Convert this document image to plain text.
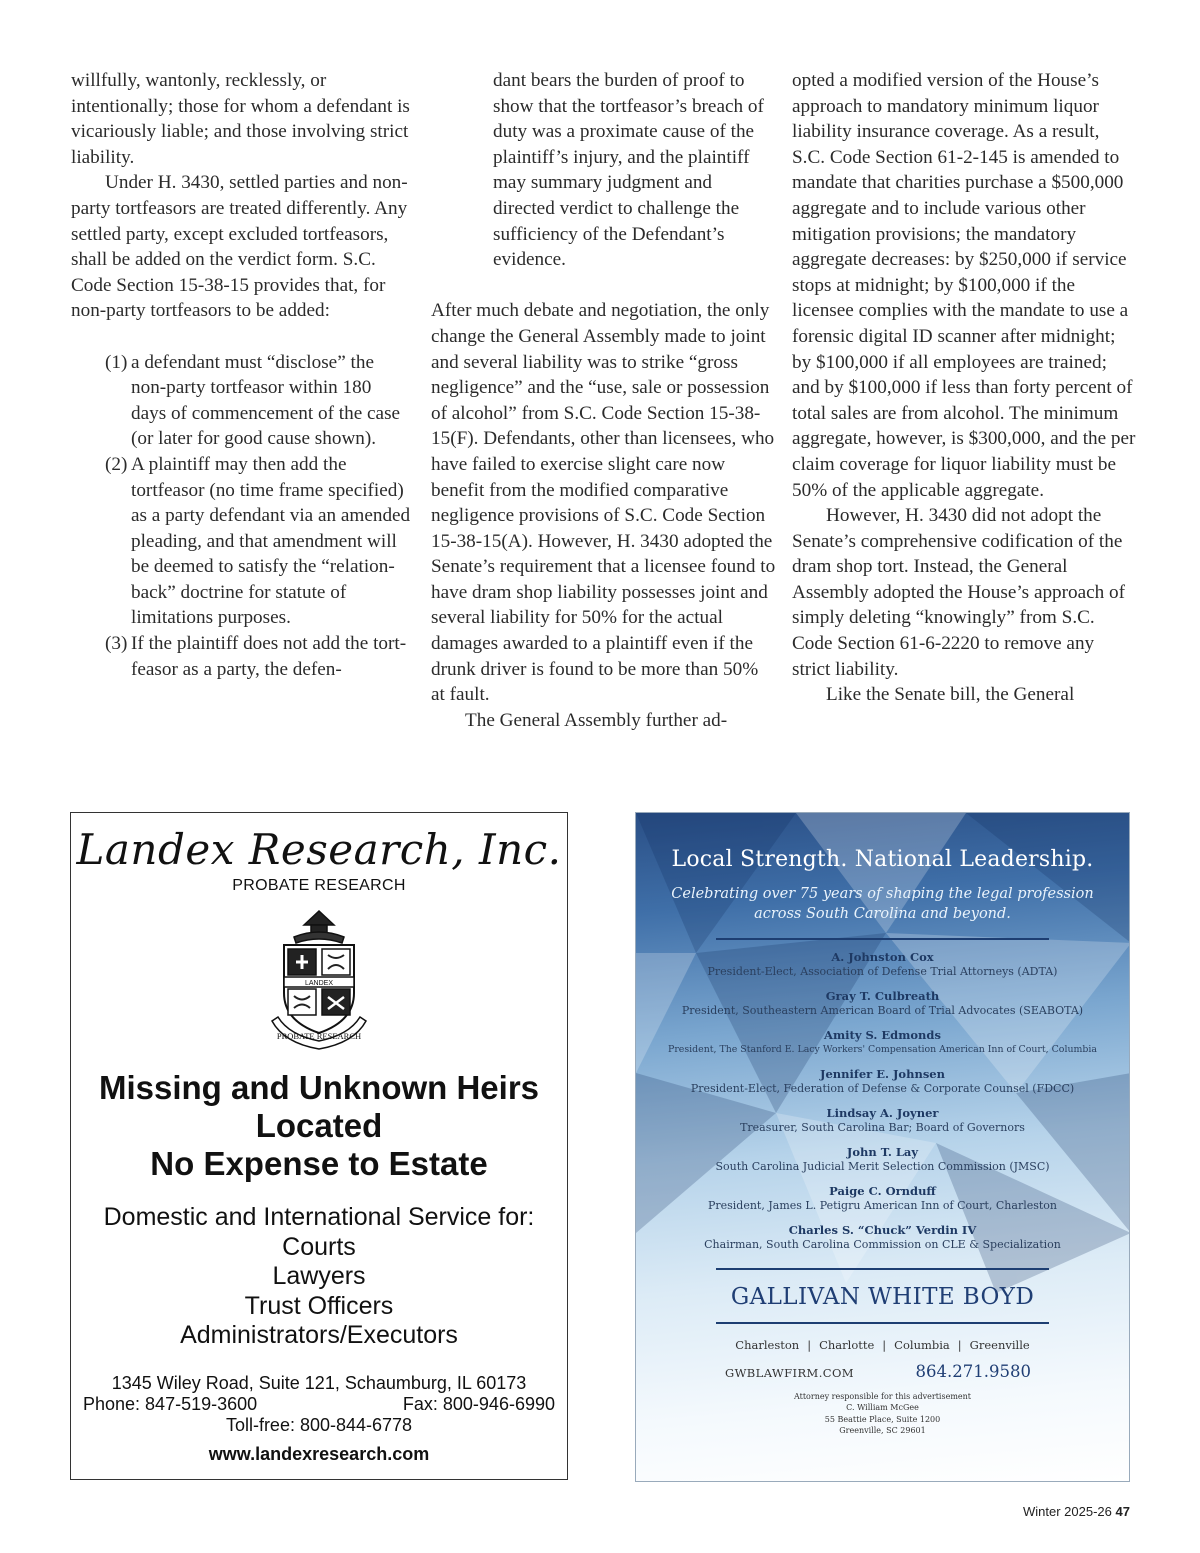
willfully, wantonly, recklessly, or intentionally; those for whom a defendant is vicariously liable; and those involving strict liability.

Under H. 3430, settled parties and non-party tortfeasors are treated differently. Any settled party, except excluded tortfeasors, shall be added on the verdict form. S.C. Code Section 15-38-15 provides that, for non-party tortfeasors to be added:

(1) a defendant must “disclose” the non-party tortfeasor within 180 days of commencement of the case (or later for good cause shown).
(2) A plaintiff may then add the tortfeasor (no time frame specified) as a party defendant via an amended pleading, and that amendment will be deemed to satisfy the “relation-back” doctrine for statute of limitations purposes.
(3) If the plaintiff does not add the tort-feasor as a party, the defen-

dant bears the burden of proof to show that the tortfeasor’s breach of duty was a proximate cause of the plaintiff’s injury, and the plaintiff may summary judgment and directed verdict to challenge the sufficiency of the Defendant’s evidence.

After much debate and negotiation, the only change the General Assembly made to joint and several liability was to strike “gross negligence” and the “use, sale or possession of alcohol” from S.C. Code Section 15-38-15(F). Defendants, other than licensees, who have failed to exercise slight care now benefit from the modified comparative negligence provisions of S.C. Code Section 15-38-15(A). However, H. 3430 adopted the Senate’s requirement that a licensee found to have dram shop liability possesses joint and several liability for 50% for the actual damages awarded to a plaintiff even if the drunk driver is found to be more than 50% at fault.

The General Assembly further ad-

opted a modified version of the House’s approach to mandatory minimum liquor liability insurance coverage. As a result, S.C. Code Section 61-2-145 is amended to mandate that charities purchase a $500,000 aggregate and to include various other mitigation provisions; the mandatory aggregate decreases: by $250,000 if service stops at midnight; by $100,000 if the licensee complies with the mandate to use a forensic digital ID scanner after midnight; by $100,000 if all employees are trained; and by $100,000 if less than forty percent of total sales are from alcohol. The minimum aggregate, however, is $300,000, and the per claim coverage for liquor liability must be 50% of the applicable aggregate.

However, H. 3430 did not adopt the Senate’s comprehensive codification of the dram shop tort. Instead, the General Assembly adopted the House’s approach of simply deleting “knowingly” from S.C. Code Section 61-6-2220 to remove any strict liability.

Like the Senate bill, the General

Landex Research, Inc.
PROBATE RESEARCH
LANDEX
PROBATE RESEARCH
Missing and Unknown Heirs
Located
No Expense to Estate
Domestic and International Service for:
Courts
Lawyers
Trust Officers
Administrators/Executors
1345 Wiley Road, Suite 121, Schaumburg, IL 60173
Phone: 847-519-3600	Fax: 800-946-6990
Toll-free: 800-844-6778
www.landexresearch.com
Local Strength. National Leadership.
Celebrating over 75 years of shaping the legal profession
across South Carolina and beyond.
A. Johnston Cox
President-Elect, Association of Defense Trial Attorneys (ADTA)
Gray T. Culbreath
President, Southeastern American Board of Trial Advocates (SEABOTA)
Amity S. Edmonds
President, The Stanford E. Lacy Workers' Compensation American Inn of Court, Columbia
Jennifer E. Johnsen
President-Elect, Federation of Defense & Corporate Counsel (FDCC)
Lindsay A. Joyner
Treasurer, South Carolina Bar; Board of Governors
John T. Lay
South Carolina Judicial Merit Selection Commission (JMSC)
Paige C. Ornduff
President, James L. Petigru American Inn of Court, Charleston
Charles S. “Chuck” Verdin IV
Chairman, South Carolina Commission on CLE & Specialization
GALLIVAN WHITE BOYD
Charleston | Charlotte | Columbia | Greenville
GWBLAWFIRM.COM	864.271.9580
Attorney responsible for this advertisement
C. William McGee
55 Beattie Place, Suite 1200
Greenville, SC 29601
Winter 2025-26 47
